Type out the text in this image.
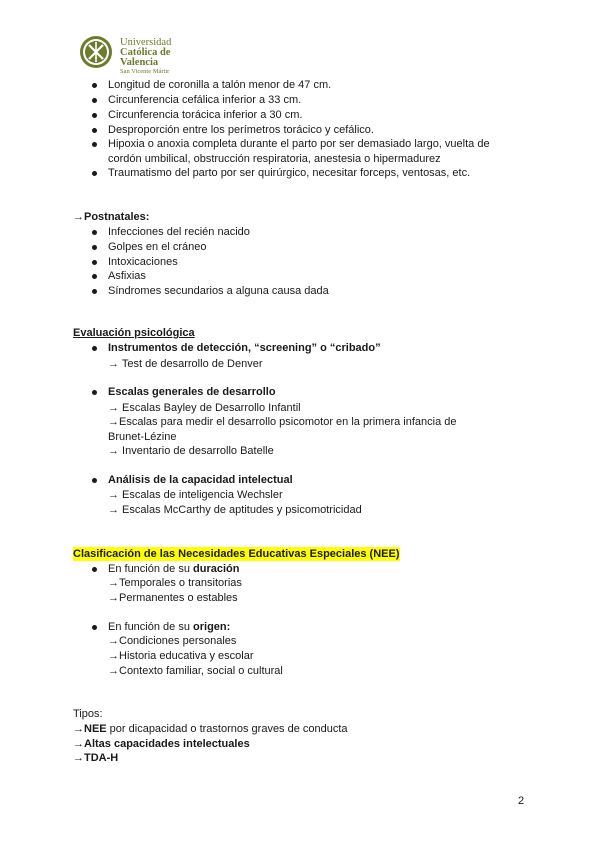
Universidad
Católica de
Valencia
San Vicente Mártir
Longitud de coronilla a talón menor de 47 cm.
Circunferencia cefálica inferior a 33 cm.
Circunferencia torácica inferior a 30 cm.
Desproporción entre los perímetros torácico y cefálico.
Hipoxia o anoxia completa durante el parto por ser demasiado largo, vuelta de
cordón umbilical, obstrucción respiratoria, anestesia o hipermadurez
Traumatismo del parto por ser quirúrgico, necesitar forceps, ventosas, etc.
→Postnatales:
Infecciones del recién nacido
Golpes en el cráneo
Intoxicaciones
Asfixias
Síndromes secundarios a alguna causa dada
Evaluación psicológica
Instrumentos de detección, “screening” o “cribado”
→ Test de desarrollo de Denver
Escalas generales de desarrollo
→ Escalas Bayley de Desarrollo Infantil
→Escalas para medir el desarrollo psicomotor en la primera infancia de
Brunet-Lézine
→ Inventario de desarrollo Batelle
Análisis de la capacidad intelectual
→ Escalas de inteligencia Wechsler
→ Escalas McCarthy de aptitudes y psicomotricidad
Clasificación de las Necesidades Educativas Especiales (NEE)
En función de su duración
→Temporales o transitorias
→Permanentes o estables
En función de su origen:
→Condiciones personales
→Historia educativa y escolar
→Contexto familiar, social o cultural
Tipos:
→NEE por dicapacidad o trastornos graves de conducta
→Altas capacidades intelectuales
→TDA-H
2
